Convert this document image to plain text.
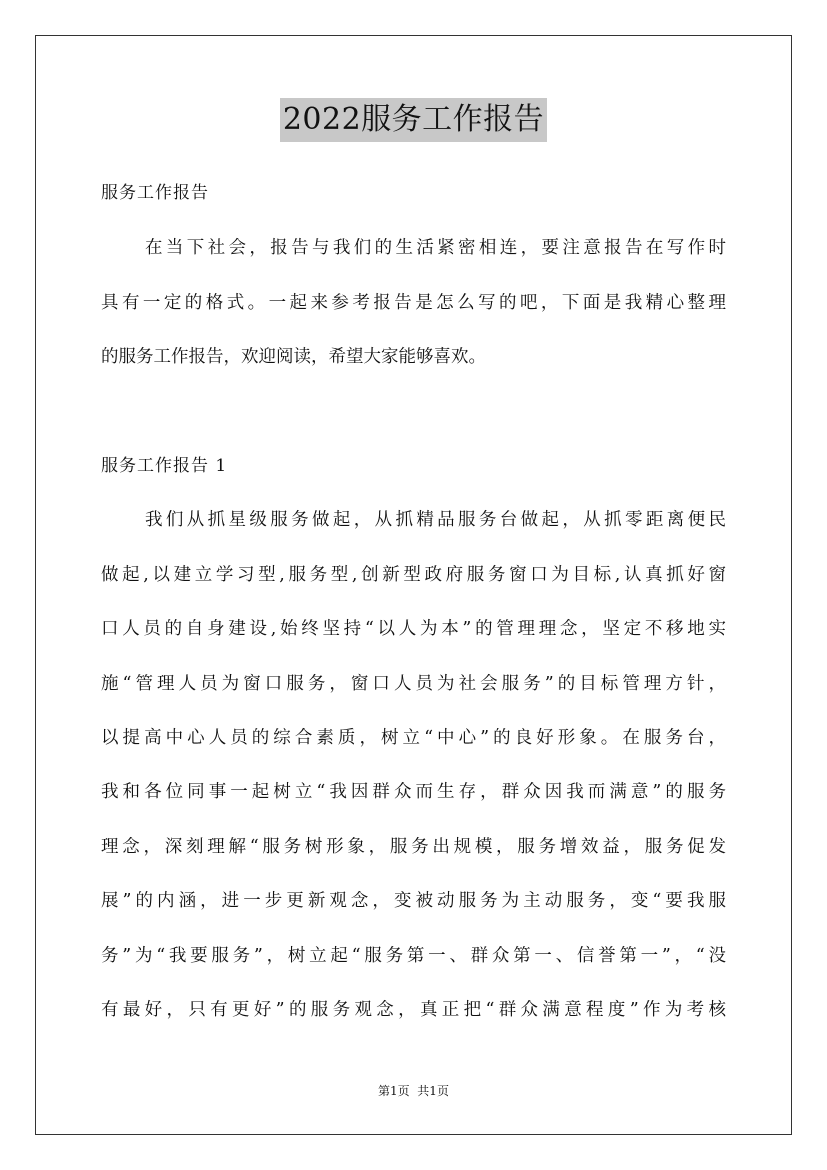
2022服务工作报告
服务工作报告
在当下社会，报告与我们的生活紧密相连，要注意报告在写作时
具有一定的格式。一起来参考报告是怎么写的吧，下面是我精心整理
的服务工作报告，欢迎阅读，希望大家能够喜欢。
服务工作报告 1
我们从抓星级服务做起，从抓精品服务台做起，从抓零距离便民
做起,以建立学习型,服务型,创新型政府服务窗口为目标,认真抓好窗
口人员的自身建设,始终坚持“以人为本”的管理理念，坚定不移地实
施“管理人员为窗口服务，窗口人员为社会服务”的目标管理方针，
以提高中心人员的综合素质，树立“中心”的良好形象。在服务台，
我和各位同事一起树立“我因群众而生存，群众因我而满意”的服务
理念，深刻理解“服务树形象，服务出规模，服务增效益，服务促发
展”的内涵，进一步更新观念，变被动服务为主动服务，变“要我服
务”为“我要服务”，树立起“服务第一、群众第一、信誉第一”，“没
有最好，只有更好”的服务观念，真正把“群众满意程度”作为考核
第1页  共1页
